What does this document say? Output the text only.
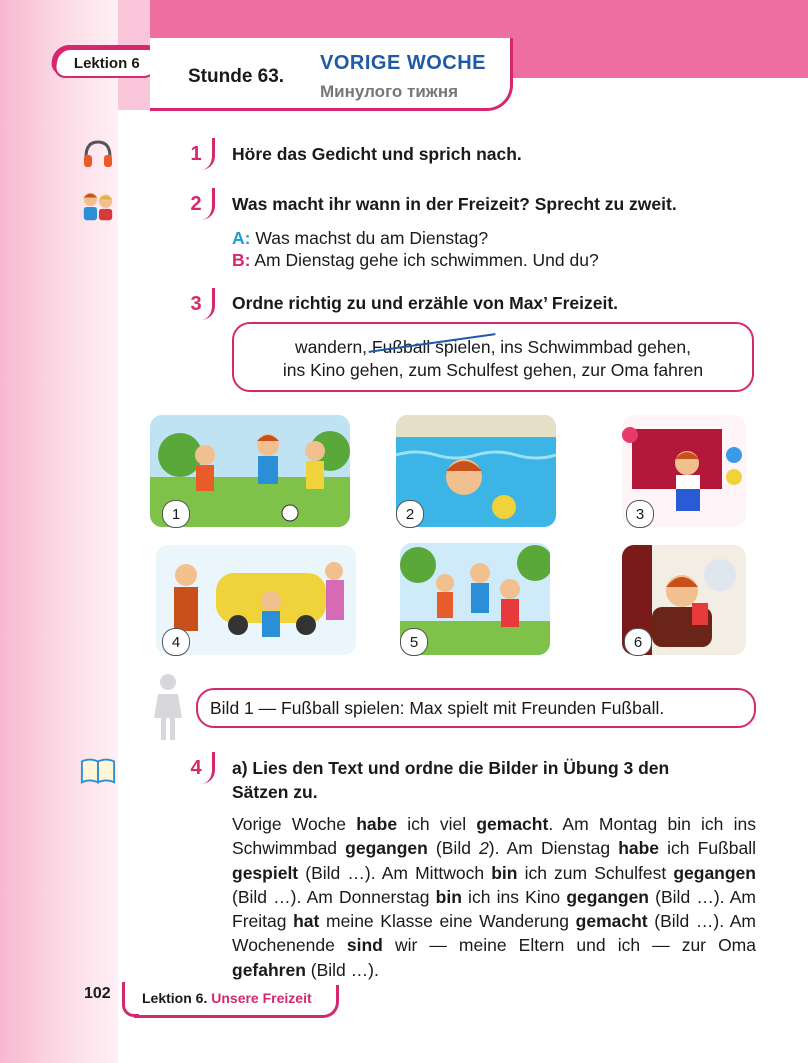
Lektion 6
Stunde 63.
VORIGE WOCHE
Минулого тижня
1	Höre das Gedicht und sprich nach.
2	Was macht ihr wann in der Freizeit? Sprecht zu zweit.
A: Was machst du am Dienstag?
B: Am Dienstag gehe ich schwimmen. Und du?
3	Ordne richtig zu und erzähle von Max’ Freizeit.
wandern, Fußball spielen, ins Schwimmbad gehen,
ins Kino gehen, zum Schulfest gehen, zur Oma fahren
1	2	3
4	5	6
Bild 1 — Fußball spielen: Max spielt mit Freunden Fußball.
4	a) Lies den Text und ordne die Bilder in Übung 3 den
Sätzen zu.
Vorige Woche habe ich viel gemacht. Am Montag bin ich ins Schwimmbad gegangen (Bild 2). Am Dienstag habe ich Fußball gespielt (Bild …). Am Mittwoch bin ich zum Schulfest gegangen (Bild …). Am Donnerstag bin ich ins Kino gegangen (Bild …). Am Freitag hat meine Klasse eine Wanderung gemacht (Bild …). Am Wochenende sind wir — meine Eltern und ich — zur Oma gefahren (Bild …).
102 Lektion 6. Unsere Freizeit
